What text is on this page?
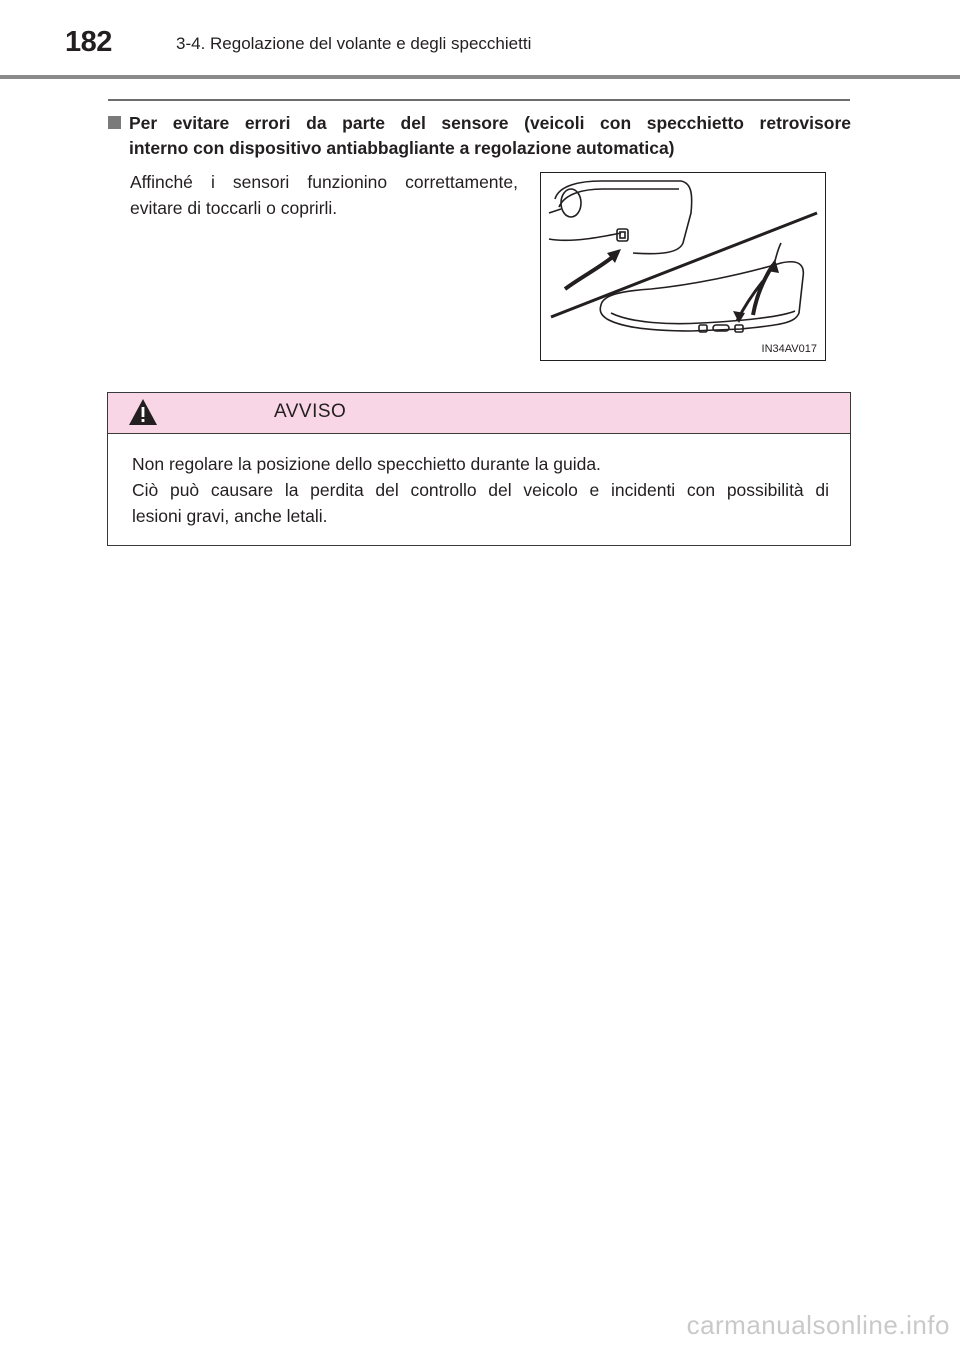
182	3-4. Regolazione del volante e degli specchietti
Per evitare errori da parte del sensore (veicoli con specchietto retrovisore
interno con dispositivo antiabbagliante a regolazione automatica)
Affinché i sensori funzionino correttamente,
evitare di toccarli o coprirli.
IN34AV017
AVVISO
Non regolare la posizione dello specchietto durante la guida.
Ciò può causare la perdita del controllo del veicolo e incidenti con possibilità di
lesioni gravi, anche letali.
carmanualsonline.info
